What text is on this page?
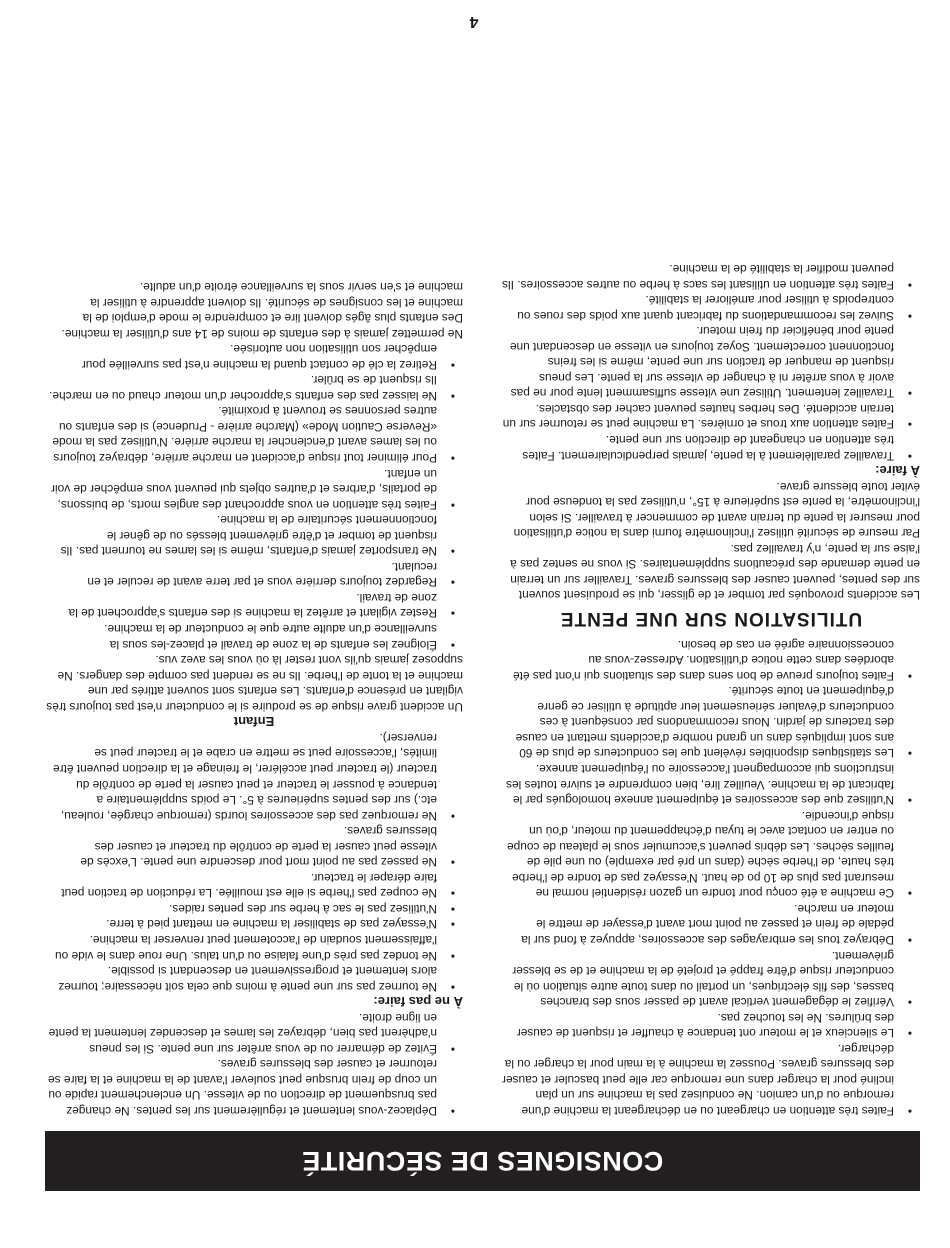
CONSIGNES DE SÉCURITÉ
• Faites très attention en chargeant ou en déchargeant la machine d'une remorque ou d'un camion. Ne conduisez pas la machine sur un plan incliné pour la charger dans une remorque car elle peut basculer et causer des blessures graves. Poussez la machine à la main pour la charger ou la décharger.
• Le silencieux et le moteur ont tendance à chauffer et risquent de causer des brûlures. Ne les touchez pas.
• Vérifiez le dégagement vertical avant de passer sous des branches basses, des fils électriques, un portail ou dans toute autre situation où le conducteur risque d'être frappé et projeté de la machine et de se blesser grièvement.
• Débrayez tous les embrayages des accessoires, appuyez à fond sur la pédale de frein et passez au point mort avant d'essayer de mettre le moteur en marche.
• Ce machine a été conçu pour tondre un gazon résidentiel normal ne mesurant pas plus de 10 po de haut. N'essayez pas de tondre de l'herbe très haute, de l'herbe sèche (dans un pré par exemple) ou une pile de feuilles sèches. Les débris peuvent s'accumuler sous le plateau de coupe ou entrer en contact avec le tuyau d'échappement du moteur, d'où un risque d'incendie.
• N'utilisez que des accessoires et équipement annexe homologués par le fabricant de la machine. Veuillez lire, bien comprendre et suivre toutes les instructions qui accompagnent l'accessoire ou l'équipement annexe.
• Les statistiques disponibles révèlent que les conducteurs de plus de 60 ans sont impliqués dans un grand nombre d'accidents mettant en cause des tracteurs de jardin. Nous recommandons par conséquent à ces conducteurs d'évaluer sérieusement leur aptitude à utiliser ce genre d'équipement en toute sécurité.
• Faites toujours preuve de bon sens dans des situations qui n'ont pas été abordées dans cette notice d'utilisation. Adressez-vous au concessionnaire agréé en cas de besoin.
UTILISATION SUR UNE PENTE

Les accidents provoqués par tomber et de glisser, qui se produisent souvent sur des pentes, peuvent causer des blessures graves. Travailler sur un terrain en pente demande des précautions supplémentaires. Si vous ne sentez pas à l'aise sur la pente, n'y travaillez pas.

Par mesure de sécurité utilisez l'inclinomètre fourni dans la notice d'utilisation pour mesurer la pente du terrain avant de commencer à travailler. Si selon l'inclinomètre, la pente est supérieure à 15°, n'utilisez pas la tondeuse pour éviter toute blessure grave.

À faire:
• Travaillez parallèlement à la pente, jamais perpendiculairement. Faites très attention en changeant de direction sur une pente.
• Faites attention aux trous et ornières. La machine peut se retourner sur un terrain accidenté. Des herbes hautes peuvent cacher des obstacles.
• Travaillez lentement. Utilisez une vitesse suffisamment lente pour ne pas avoir à vous arrêter ni à changer de vitesse sur la pente. Les pneus risquent de manquer de traction sur une pente, même si les freins fonctionnent correctement. Soyez toujours en vitesse en descendant une pente pour bénéficier du frein moteur.
• Suivez les recommandations du fabricant quant aux poids des roues ou contrepoids à utiliser pour améliorer la stabilité.
• Faites très attention en utilisant les sacs à herbe ou autres accessoires. Ils peuvent modifier la stabilité de la machine.
• Déplacez-vous lentement et régulièrement sur les pentes. Ne changez pas brusquement de direction ou de vitesse. Un enclenchement rapide ou un coup de frein brusque peut soulever l'avant de la machine et la faire se retourner et causer des blessures graves.
• Évitez de démarrer ou de vous arrêter sur une pente. Si les pneus n'adhèrent pas bien, débrayez les lames et descendez lentement la pente en ligne droite.
À ne pas faire:
• Ne tournez pas sur une pente à moins que cela soit nécessaire; tournez alors lentement et progressivement en descendant si possible.
• Ne tondez pas près d'une falaise ou d'un talus. Une roue dans le vide ou l'affaissement soudain de l'accotement peut renverser la machine.
• N'essayez pas de stabiliser la machine en mettant pied à terre.
• N'utilisez pas le sac à herbe sur des pentes raides.
• Ne coupez pas l'herbe si elle est mouillée. La réduction de traction peut faire déraper le tracteur.
• Ne passez pas au point mort pour descendre une pente. L'excès de vitesse peut causer la perte de contrôle du tracteur et causer des blessures graves.
• Ne remorquez pas des accessoires lourds (remorque chargée, rouleau, etc.) sur des pentes supérieures à 5°. Le poids supplémentaire a tendance à pousser le tracteur et peut causer la perte de contrôle du tracteur (le tracteur peut accélérer, le freinage et la direction peuvent être limités, l'accessoire peut se mettre en crabe et le tracteur peut se renverser).
Enfant

Un accident grave risque de se produire si le conducteur n'est pas toujours très vigilant en présence d'enfants. Les enfants sont souvent attirés par une machine et la tonte de l'herbe. Ils ne se rendent pas compte des dangers. Ne supposez jamais qu'ils vont rester là où vous les avez vus.

• Éloignez les enfants de la zone de travail et placez-les sous la surveillance d'un adulte autre que le conducteur de la machine.
• Restez vigilant et arrêtez la machine si des enfants s'approchent de la zone de travail.
• Regardez toujours derrière vous et par terre avant de reculer et en reculant.
• Ne transportez jamais d'enfants, même si les lames ne tournent pas. Ils risquent de tomber et d'être grièvement blessés ou de gêner le fonctionnement sécuritaire de la machine.
• Faites très attention en vous approchant des angles morts, de buissons, de portails, d'arbres et d'autres objets qui peuvent vous empêcher de voir un enfant.
• Pour éliminer tout risque d'accident en marche arrière, débrayez toujours ou les lames avant d'enclencher la marche arrière. N'utilisez pas la mode «Reverse Caution Mode» (Marche arrière - Prudence) si des enfants ou autres personnes se trouvent à proximité.
• Ne laissez pas des enfants s'approcher d'un moteur chaud ou en marche. Ils risquent de se brûler.
• Retirez la clé de contact quand la machine n'est pas surveillée pour empêcher son utilisation non autorisée.

Ne permettez jamais à des enfants de moins de 14 ans d'utiliser la machine. Des enfants plus âgés doivent lire et comprendre le mode d'emploi de la machine et les consignes de sécurité. Ils doivent apprendre à utiliser la machine et s'en servir sous la surveillance étroite d'un adulte.

4
